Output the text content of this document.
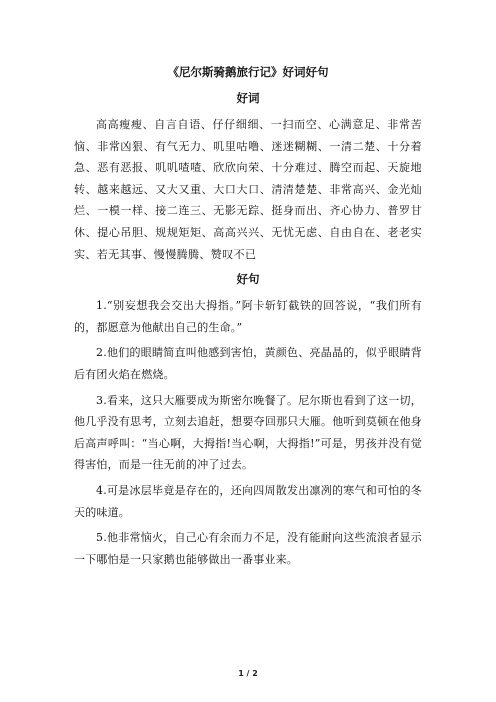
《尼尔斯骑鹅旅行记》好词好句
好词

高高瘦瘦、自言自语、仔仔细细、一扫而空、心满意足、非常苦恼、非常凶狠、有气无力、叽里咕噜、迷迷糊糊、一清二楚、十分着急、恶有恶报、叽叽喳喳、欣欣向荣、十分难过、腾空而起、天旋地转、越来越远、又大又重、大口大口、清清楚楚、非常高兴、金光灿烂、一模一样、接二连三、无影无踪、挺身而出、齐心协力、普罗甘休、提心吊胆、规规矩矩、高高兴兴、无忧无虑、自由自在、老老实实、若无其事、慢慢腾腾、赞叹不已

好句

1.“别妄想我会交出大拇指。”阿卡斩钉截铁的回答说，“我们所有的，都愿意为他献出自己的生命。”

2.他们的眼睛简直叫他感到害怕，黄颜色、亮晶晶的，似乎眼睛背后有团火焰在燃烧。

3.看来，这只大雁要成为斯密尔晚餐了。尼尔斯也看到了这一切，他几乎没有思考，立刻去追赶，想要夺回那只大雁。他听到莫顿在他身后高声呼叫：“当心啊，大拇指!当心啊，大拇指!”可是，男孩并没有觉得害怕，而是一往无前的冲了过去。

4.可是冰层毕竟是存在的，还向四周散发出凛冽的寒气和可怕的冬天的味道。

5.他非常恼火，自己心有余而力不足，没有能耐向这些流浪者显示一下哪怕是一只家鹅也能够做出一番事业来。

1 / 2
